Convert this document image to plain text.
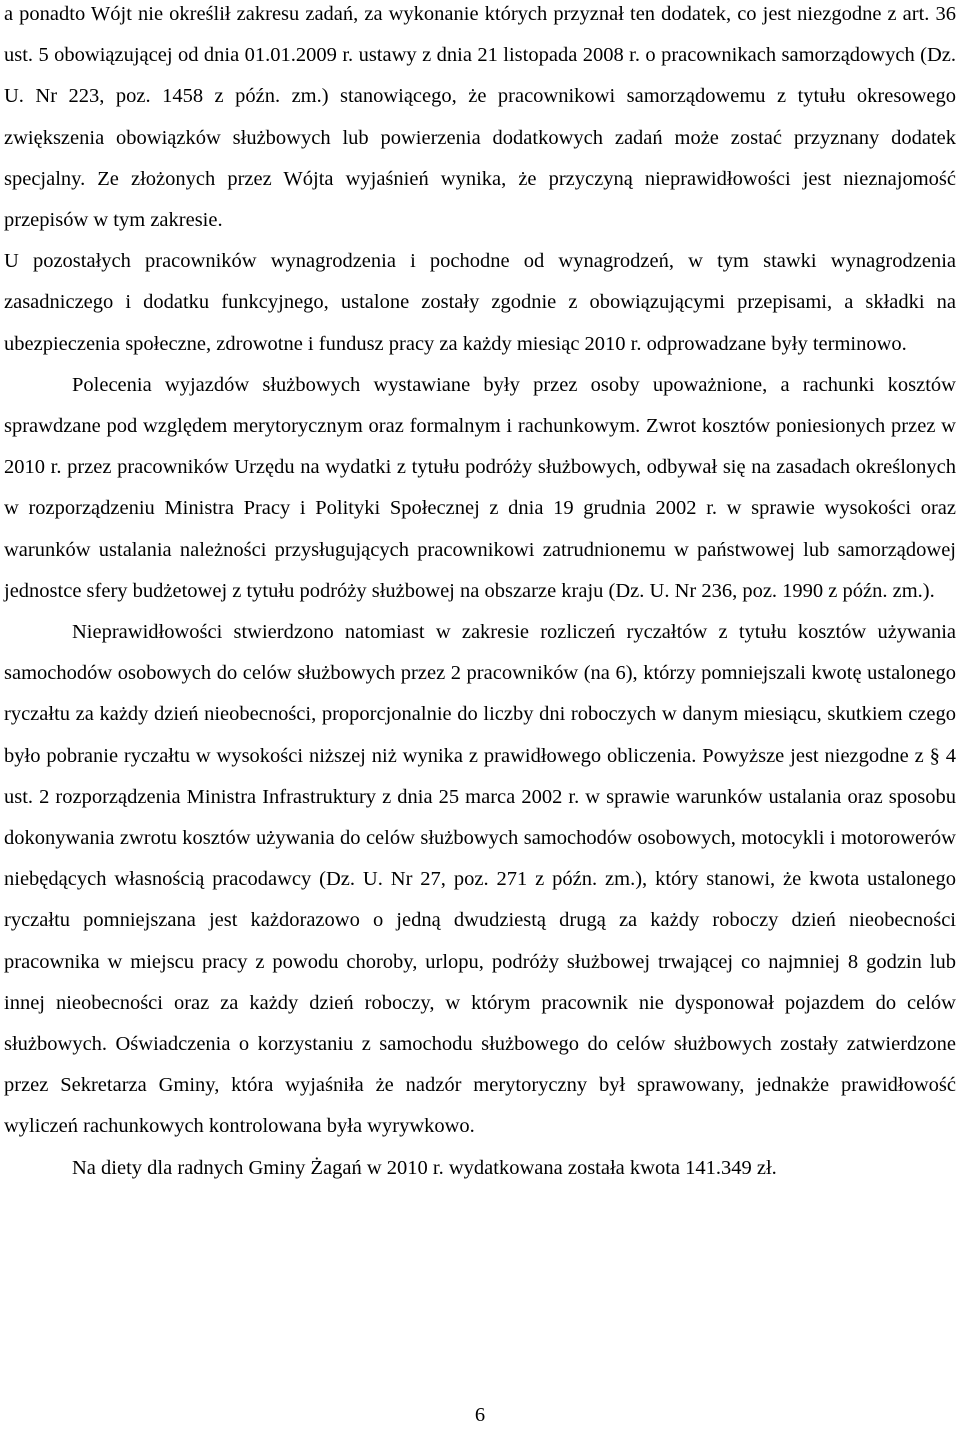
a ponadto Wójt nie określił zakresu zadań, za wykonanie których przyznał ten dodatek, co jest niezgodne z art. 36 ust. 5 obowiązującej od dnia 01.01.2009 r. ustawy z dnia 21 listopada 2008 r. o pracownikach samorządowych (Dz. U. Nr 223, poz. 1458 z późn. zm.) stanowiącego, że pracownikowi samorządowemu z tytułu okresowego zwiększenia obowiązków służbowych lub powierzenia dodatkowych zadań może zostać przyznany dodatek specjalny. Ze złożonych przez Wójta wyjaśnień wynika, że przyczyną nieprawidłowości jest nieznajomość przepisów w tym zakresie.

U pozostałych pracowników wynagrodzenia i pochodne od wynagrodzeń, w tym stawki wynagrodzenia zasadniczego i dodatku funkcyjnego, ustalone zostały zgodnie z obowiązującymi przepisami, a składki na ubezpieczenia społeczne, zdrowotne i fundusz pracy za każdy miesiąc 2010 r. odprowadzane były terminowo.

Polecenia wyjazdów służbowych wystawiane były przez osoby upoważnione, a rachunki kosztów sprawdzane pod względem merytorycznym oraz formalnym i rachunkowym. Zwrot kosztów poniesionych przez w 2010 r. przez pracowników Urzędu na wydatki z tytułu podróży służbowych, odbywał się na zasadach określonych w rozporządzeniu Ministra Pracy i Polityki Społecznej z dnia 19 grudnia 2002 r. w sprawie wysokości oraz warunków ustalania należności przysługujących pracownikowi zatrudnionemu w państwowej lub samorządowej jednostce sfery budżetowej z tytułu podróży służbowej na obszarze kraju (Dz. U. Nr 236, poz. 1990 z późn. zm.).

Nieprawidłowości stwierdzono natomiast w zakresie rozliczeń ryczałtów z tytułu kosztów używania samochodów osobowych do celów służbowych przez 2 pracowników (na 6), którzy pomniejszali kwotę ustalonego ryczałtu za każdy dzień nieobecności, proporcjonalnie do liczby dni roboczych w danym miesiącu, skutkiem czego było pobranie ryczałtu w wysokości niższej niż wynika z prawidłowego obliczenia. Powyższe jest niezgodne z § 4 ust. 2 rozporządzenia Ministra Infrastruktury z dnia 25 marca 2002 r. w sprawie warunków ustalania oraz sposobu dokonywania zwrotu kosztów używania do celów służbowych samochodów osobowych, motocykli i motorowerów niebędących własnością pracodawcy (Dz. U. Nr 27, poz. 271 z późn. zm.), który stanowi, że kwota ustalonego ryczałtu pomniejszana jest każdorazowo o jedną dwudziestą drugą za każdy roboczy dzień nieobecności pracownika w miejscu pracy z powodu choroby, urlopu, podróży służbowej trwającej co najmniej 8 godzin lub innej nieobecności oraz za każdy dzień roboczy, w którym pracownik nie dysponował pojazdem do celów służbowych. Oświadczenia o korzystaniu z samochodu służbowego do celów służbowych zostały zatwierdzone przez Sekretarza Gminy, która wyjaśniła że nadzór merytoryczny był sprawowany, jednakże prawidłowość wyliczeń rachunkowych kontrolowana była wyrywkowo.

Na diety dla radnych Gminy Żagań w 2010 r. wydatkowana została kwota 141.349 zł.

6
